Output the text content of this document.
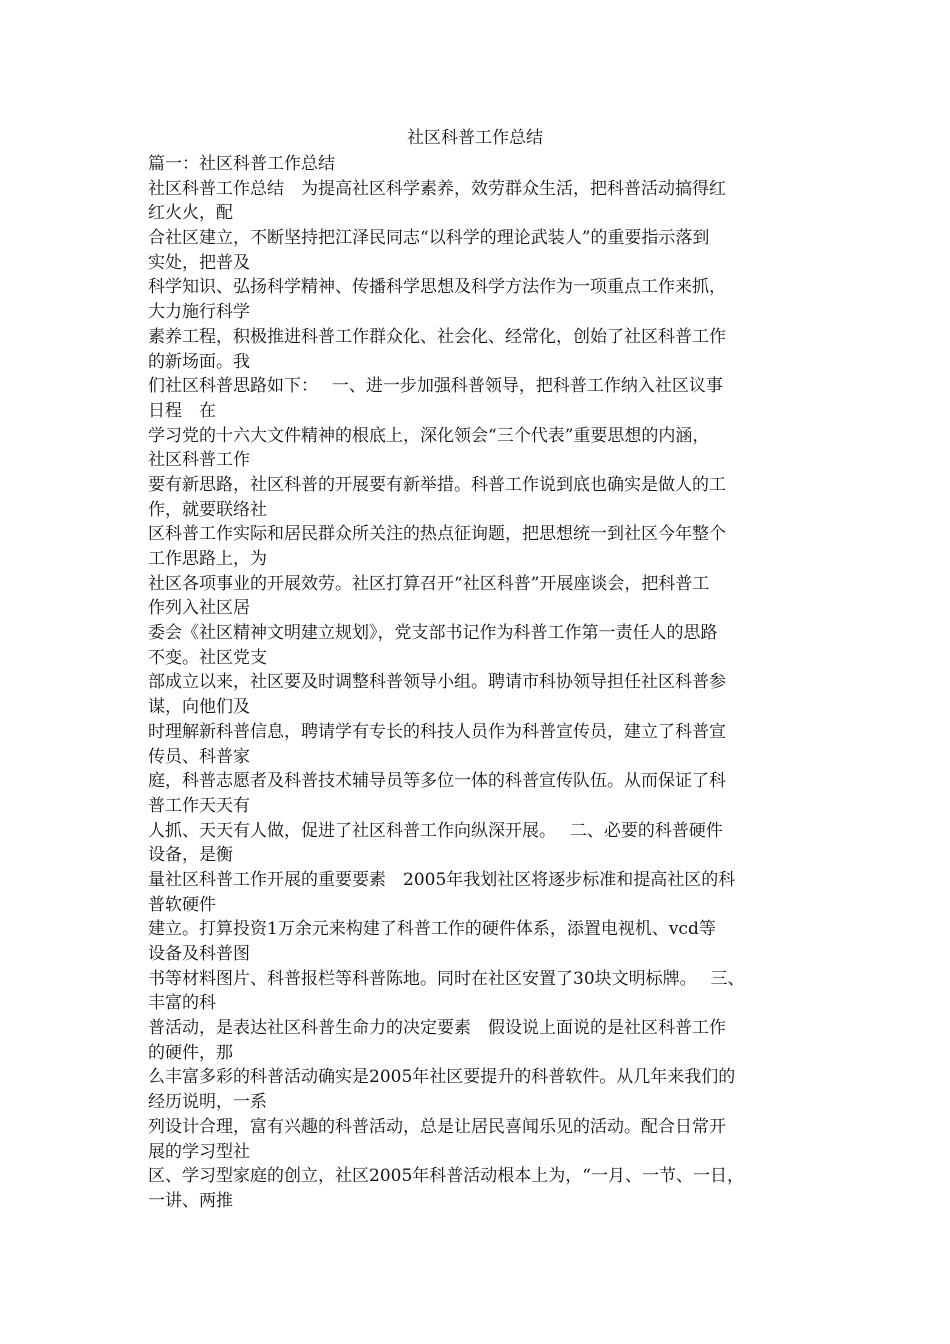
社区科普工作总结
篇一：社区科普工作总结
社区科普工作总结　为提高社区科学素养，效劳群众生活，把科普活动搞得红
红火火，配
合社区建立，不断坚持把江泽民同志“以科学的理论武装人”的重要指示落到
实处，把普及
科学知识、弘扬科学精神、传播科学思想及科学方法作为一项重点工作来抓，
大力施行科学
素养工程，积极推进科普工作群众化、社会化、经常化，创始了社区科普工作
的新场面。我
们社区科普思路如下：　 一、进一步加强科普领导，把科普工作纳入社区议事
日程　在
学习党的十六大文件精神的根底上，深化领会“三个代表”重要思想的内涵，
社区科普工作
要有新思路，社区科普的开展要有新举措。科普工作说到底也确实是做人的工
作，就要联络社
区科普工作实际和居民群众所关注的热点征询题，把思想统一到社区今年整个
工作思路上，为
社区各项事业的开展效劳。社区打算召开“社区科普”开展座谈会，把科普工
作列入社区居
委会《社区精神文明建立规划》，党支部书记作为科普工作第一责任人的思路
不变。社区党支
部成立以来，社区要及时调整科普领导小组。聘请市科协领导担任社区科普参
谋，向他们及
时理解新科普信息，聘请学有专长的科技人员作为科普宣传员，建立了科普宣
传员、科普家
庭，科普志愿者及科普技术辅导员等多位一体的科普宣传队伍。从而保证了科
普工作天天有
人抓、天天有人做，促进了社区科普工作向纵深开展。　 二、必要的科普硬件
设备，是衡
量社区科普工作开展的重要要素　2005年我划社区将逐步标准和提高社区的科
普软硬件
建立。打算投资1万余元来构建了科普工作的硬件体系，添置电视机、vcd等
设备及科普图
书等材料图片、科普报栏等科普陈地。同时在社区安置了30块文明标牌。　 三、
丰富的科
普活动，是表达社区科普生命力的决定要素　假设说上面说的是社区科普工作
的硬件，那
么丰富多彩的科普活动确实是2005年社区要提升的科普软件。从几年来我们的
经历说明，一系
列设计合理，富有兴趣的科普活动，总是让居民喜闻乐见的活动。配合日常开
展的学习型社
区、学习型家庭的创立，社区2005年科普活动根本上为，“一月、一节、一日，
一讲、两推
